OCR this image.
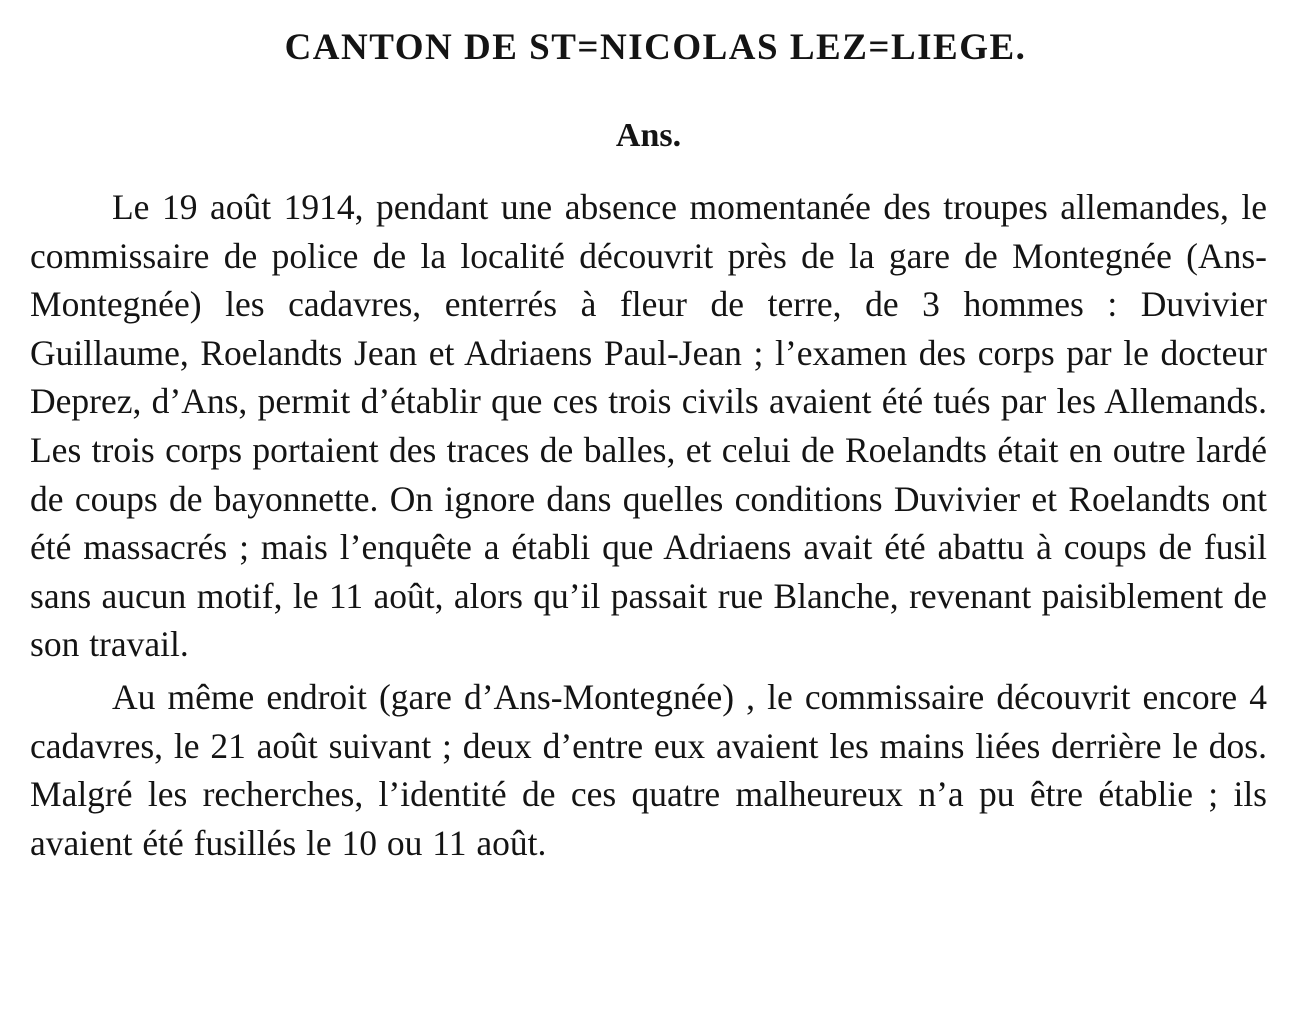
CANTON DE ST=NICOLAS LEZ=LIEGE.
Ans.

Le 19 août 1914, pendant une absence momentanée des troupes allemandes, le commissaire de police de la localité découvrit près de la gare de Montegnée (Ans-Montegnée) les cadavres, enterrés à fleur de terre, de 3 hommes : Duvivier Guillaume, Roelandts Jean et Adriaens Paul-Jean ; l’examen des corps par le docteur Deprez, d’Ans, permit d’établir que ces trois civils avaient été tués par les Allemands. Les trois corps portaient des traces de balles, et celui de Roelandts était en outre lardé de coups de bayonnette. On ignore dans quelles conditions Duvivier et Roelandts ont été massacrés ; mais l’enquête a établi que Adriaens avait été abattu à coups de fusil sans aucun motif, le 11 août, alors qu’il passait rue Blanche, revenant paisiblement de son travail.

Au même endroit (gare d’Ans-Montegnée) , le commissaire découvrit encore 4 cadavres, le 21 août suivant ; deux d’entre eux avaient les mains liées derrière le dos. Malgré les recherches, l’identité de ces quatre malheureux n’a pu être établie ; ils avaient été fusillés le 10 ou 11 août.
